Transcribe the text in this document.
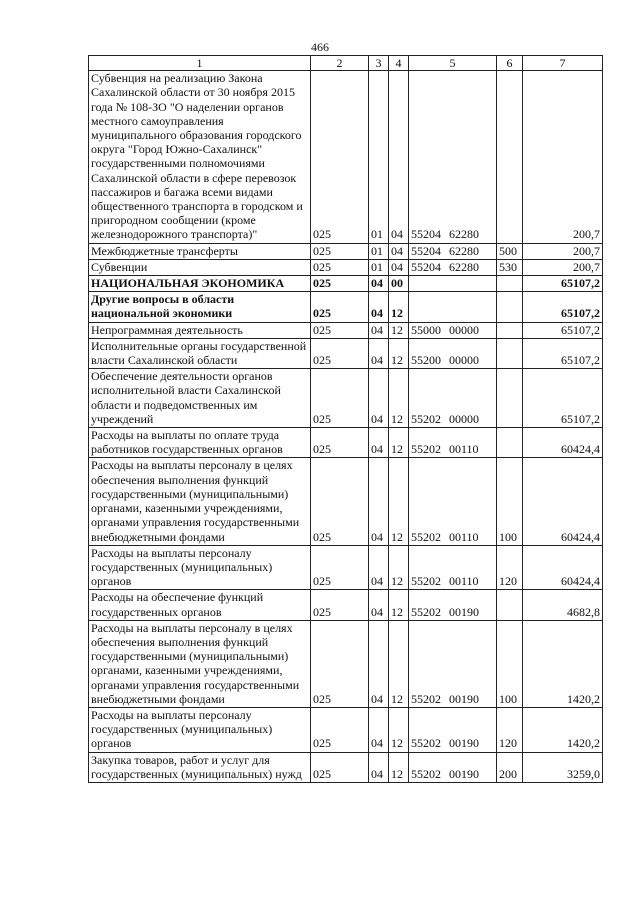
466
1	2	3	4	5	6	7
Субвенция на реализацию Закона Сахалинской области от 30 ноября 2015 года № 108-ЗО "О наделении органов местного самоуправления муниципального образования городского округа "Город Южно-Сахалинск" государственными полномочиями Сахалинской области в сфере перевозок пассажиров и багажа всеми видами общественного транспорта в городском и пригородном сообщении (кроме железнодорожного транспорта)"	025	01	04	55204 62280		200,7
Межбюджетные трансферты	025	01	04	55204 62280	500	200,7
Субвенции	025	01	04	55204 62280	530	200,7
НАЦИОНАЛЬНАЯ ЭКОНОМИКА	025	04	00			65107,2
Другие вопросы в области национальной экономики	025	04	12			65107,2
Непрограммная деятельность	025	04	12	55000 00000		65107,2
Исполнительные органы государственной власти Сахалинской области	025	04	12	55200 00000		65107,2
Обеспечение деятельности органов исполнительной власти Сахалинской области и подведомственных им учреждений	025	04	12	55202 00000		65107,2
Расходы на выплаты по оплате труда работников государственных органов	025	04	12	55202 00110		60424,4
Расходы на выплаты персоналу в целях обеспечения выполнения функций государственными (муниципальными) органами, казенными учреждениями, органами управления государственными внебюджетными фондами	025	04	12	55202 00110	100	60424,4
Расходы на выплаты персоналу государственных (муниципальных) органов	025	04	12	55202 00110	120	60424,4
Расходы на обеспечение функций государственных органов	025	04	12	55202 00190		4682,8
Расходы на выплаты персоналу в целях обеспечения выполнения функций государственными (муниципальными) органами, казенными учреждениями, органами управления государственными внебюджетными фондами	025	04	12	55202 00190	100	1420,2
Расходы на выплаты персоналу государственных (муниципальных) органов	025	04	12	55202 00190	120	1420,2
Закупка товаров, работ и услуг для государственных (муниципальных) нужд	025	04	12	55202 00190	200	3259,0
